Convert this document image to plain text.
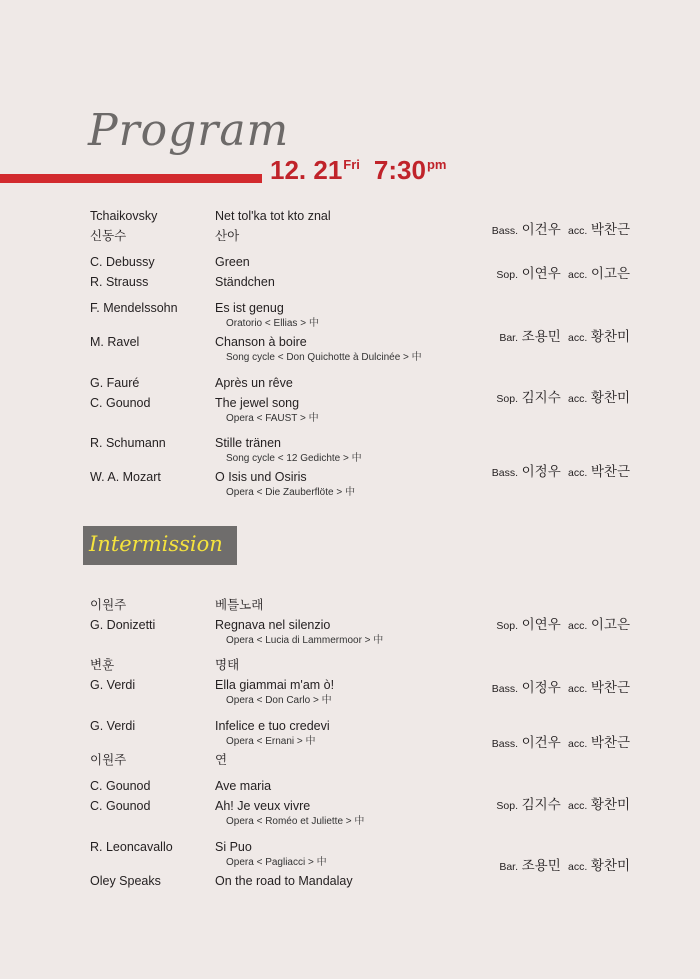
Program
12. $21^{Fri}$ $7:30^{pm}$
Tchaikovsky	Net tol'ka tot kto znal
신동수	산아	Bass. 이건우 acc. 박찬근
C. Debussy	Green
R. Strauss	Ständchen	Sop. 이연우 acc. 이고은
F. Mendelssohn	Es ist genug
Oratorio < Ellias > 中
M. Ravel	Chanson à boire
Song cycle < Don Quichotte à Dulcinée > 中
Bar. 조용민 acc. 황찬미
G. Fauré	Après un rêve
C. Gounod	The jewel song
Opera < FAUST > 中
Sop. 김지수 acc. 황찬미
R. Schumann	Stille tränen
Song cycle < 12 Gedichte > 中
W. A. Mozart	O Isis und Osiris
Opera < Die Zauberflöte > 中
Bass. 이정우 acc. 박찬근
Intermission
이원주	베틀노래
G. Donizetti	Regnava nel silenzio
Opera < Lucia di Lammermoor > 中
Sop. 이연우 acc. 이고은
변훈	명태
G. Verdi	Ella giammai m'am ò!
Opera < Don Carlo > 中
Bass. 이정우 acc. 박찬근
G. Verdi	Infelice e tuo credevi
Opera < Ernani > 中
이원주	연
Bass. 이건우 acc. 박찬근
C. Gounod	Ave maria
C. Gounod	Ah! Je veux vivre
Opera < Roméo et Juliette > 中
Sop. 김지수 acc. 황찬미
R. Leoncavallo	Si Puo
Opera < Pagliacci > 中
Oley Speaks	On the road to Mandalay
Bar. 조용민 acc. 황찬미
